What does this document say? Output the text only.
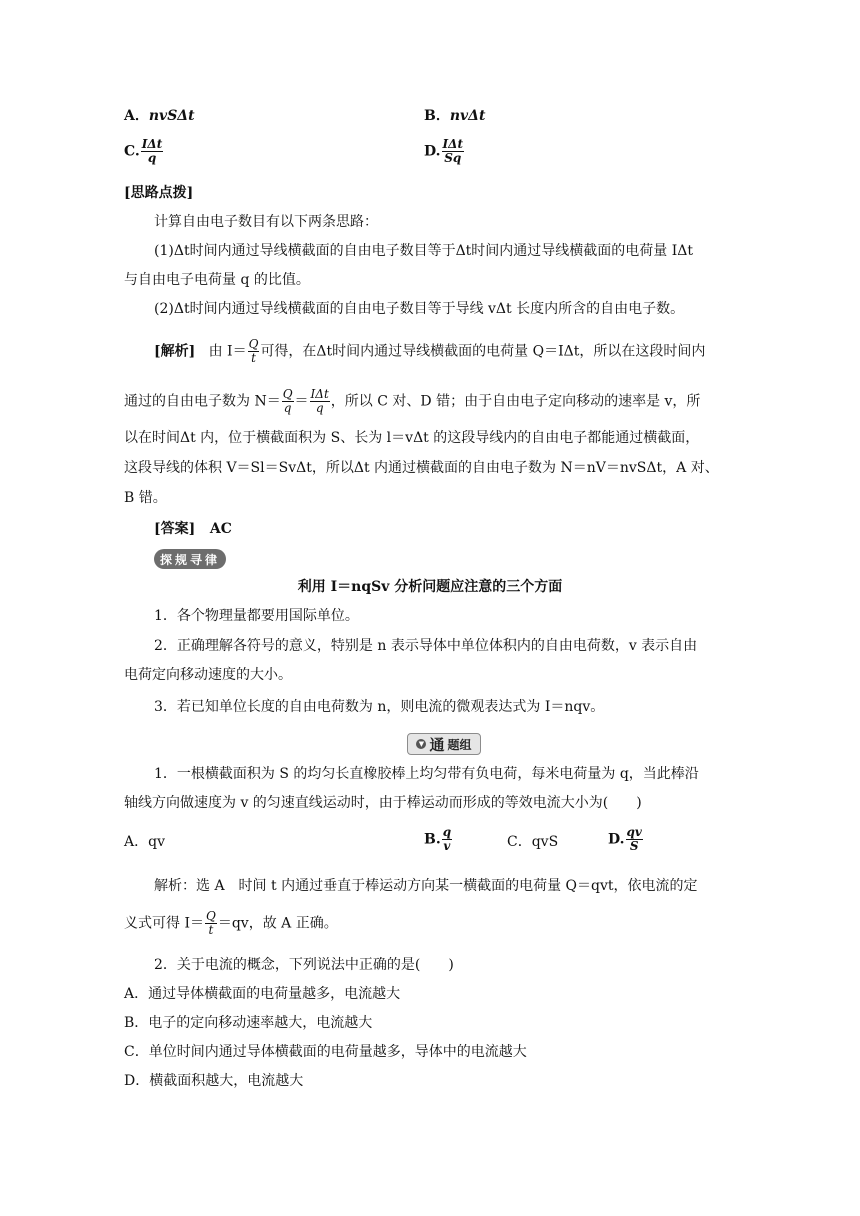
A．nvSΔt	B．nvΔt
C. $\frac{\text{IΔt}}{q}$	D. $\frac{\text{IΔt}}{Sq}$
[思路点拨]
计算自由电子数目有以下两条思路：
(1)Δt时间内通过导线横截面的自由电子数目等于Δt时间内通过导线横截面的电荷量 IΔt
与自由电子电荷量 q 的比值。
(2)Δt时间内通过导线横截面的自由电子数目等于导线 vΔt 长度内所含的自由电子数。
[解析] 由 $I= \frac{Q}{t}$ 可得，在Δt时间内通过导线横截面的电荷量 Q＝IΔt，所以在这段时间内
通过的自由电子数为 $N= \frac{Q}{q} = \frac{\text{IΔt}}{q}$ ，所以 C 对、D 错；由于自由电子定向移动的速率是 v，所
以在时间Δt 内，位于横截面积为 S、长为 l＝vΔt 的这段导线内的自由电子都能通过横截面，
这段导线的体积 V＝Sl＝SvΔt，所以Δt 内通过横截面的自由电子数为 N＝nV＝nvSΔt，A 对、
B 错。
[答案] AC
探规寻律
利用 I＝nqSv 分析问题应注意的三个方面
1．各个物理量都要用国际单位。
2．正确理解各符号的意义，特别是 n 表示导体中单位体积内的自由电荷数，v 表示自由
电荷定向移动速度的大小。
3．若已知单位长度的自由电荷数为 n，则电流的微观表达式为 I＝nqv。
▼ 通 题组
1．一根横截面积为 S 的均匀长直橡胶棒上均匀带有负电荷，每米电荷量为 q，当此棒沿
轴线方向做速度为 v 的匀速直线运动时，由于棒运动而形成的等效电流大小为(　　)
A．qv	B. $\frac{q}{v}$	C．qvS	D. $\frac{qv}{S}$
解析：选 A　时间 t 内通过垂直于棒运动方向某一横截面的电荷量 Q＝qvt，依电流的定
义式可得 $I= \frac{Q}{t} =qv$，故 A 正确。
2．关于电流的概念，下列说法中正确的是(　　)
A．通过导体横截面的电荷量越多，电流越大
B．电子的定向移动速率越大，电流越大
C．单位时间内通过导体横截面的电荷量越多，导体中的电流越大
D．横截面积越大，电流越大
